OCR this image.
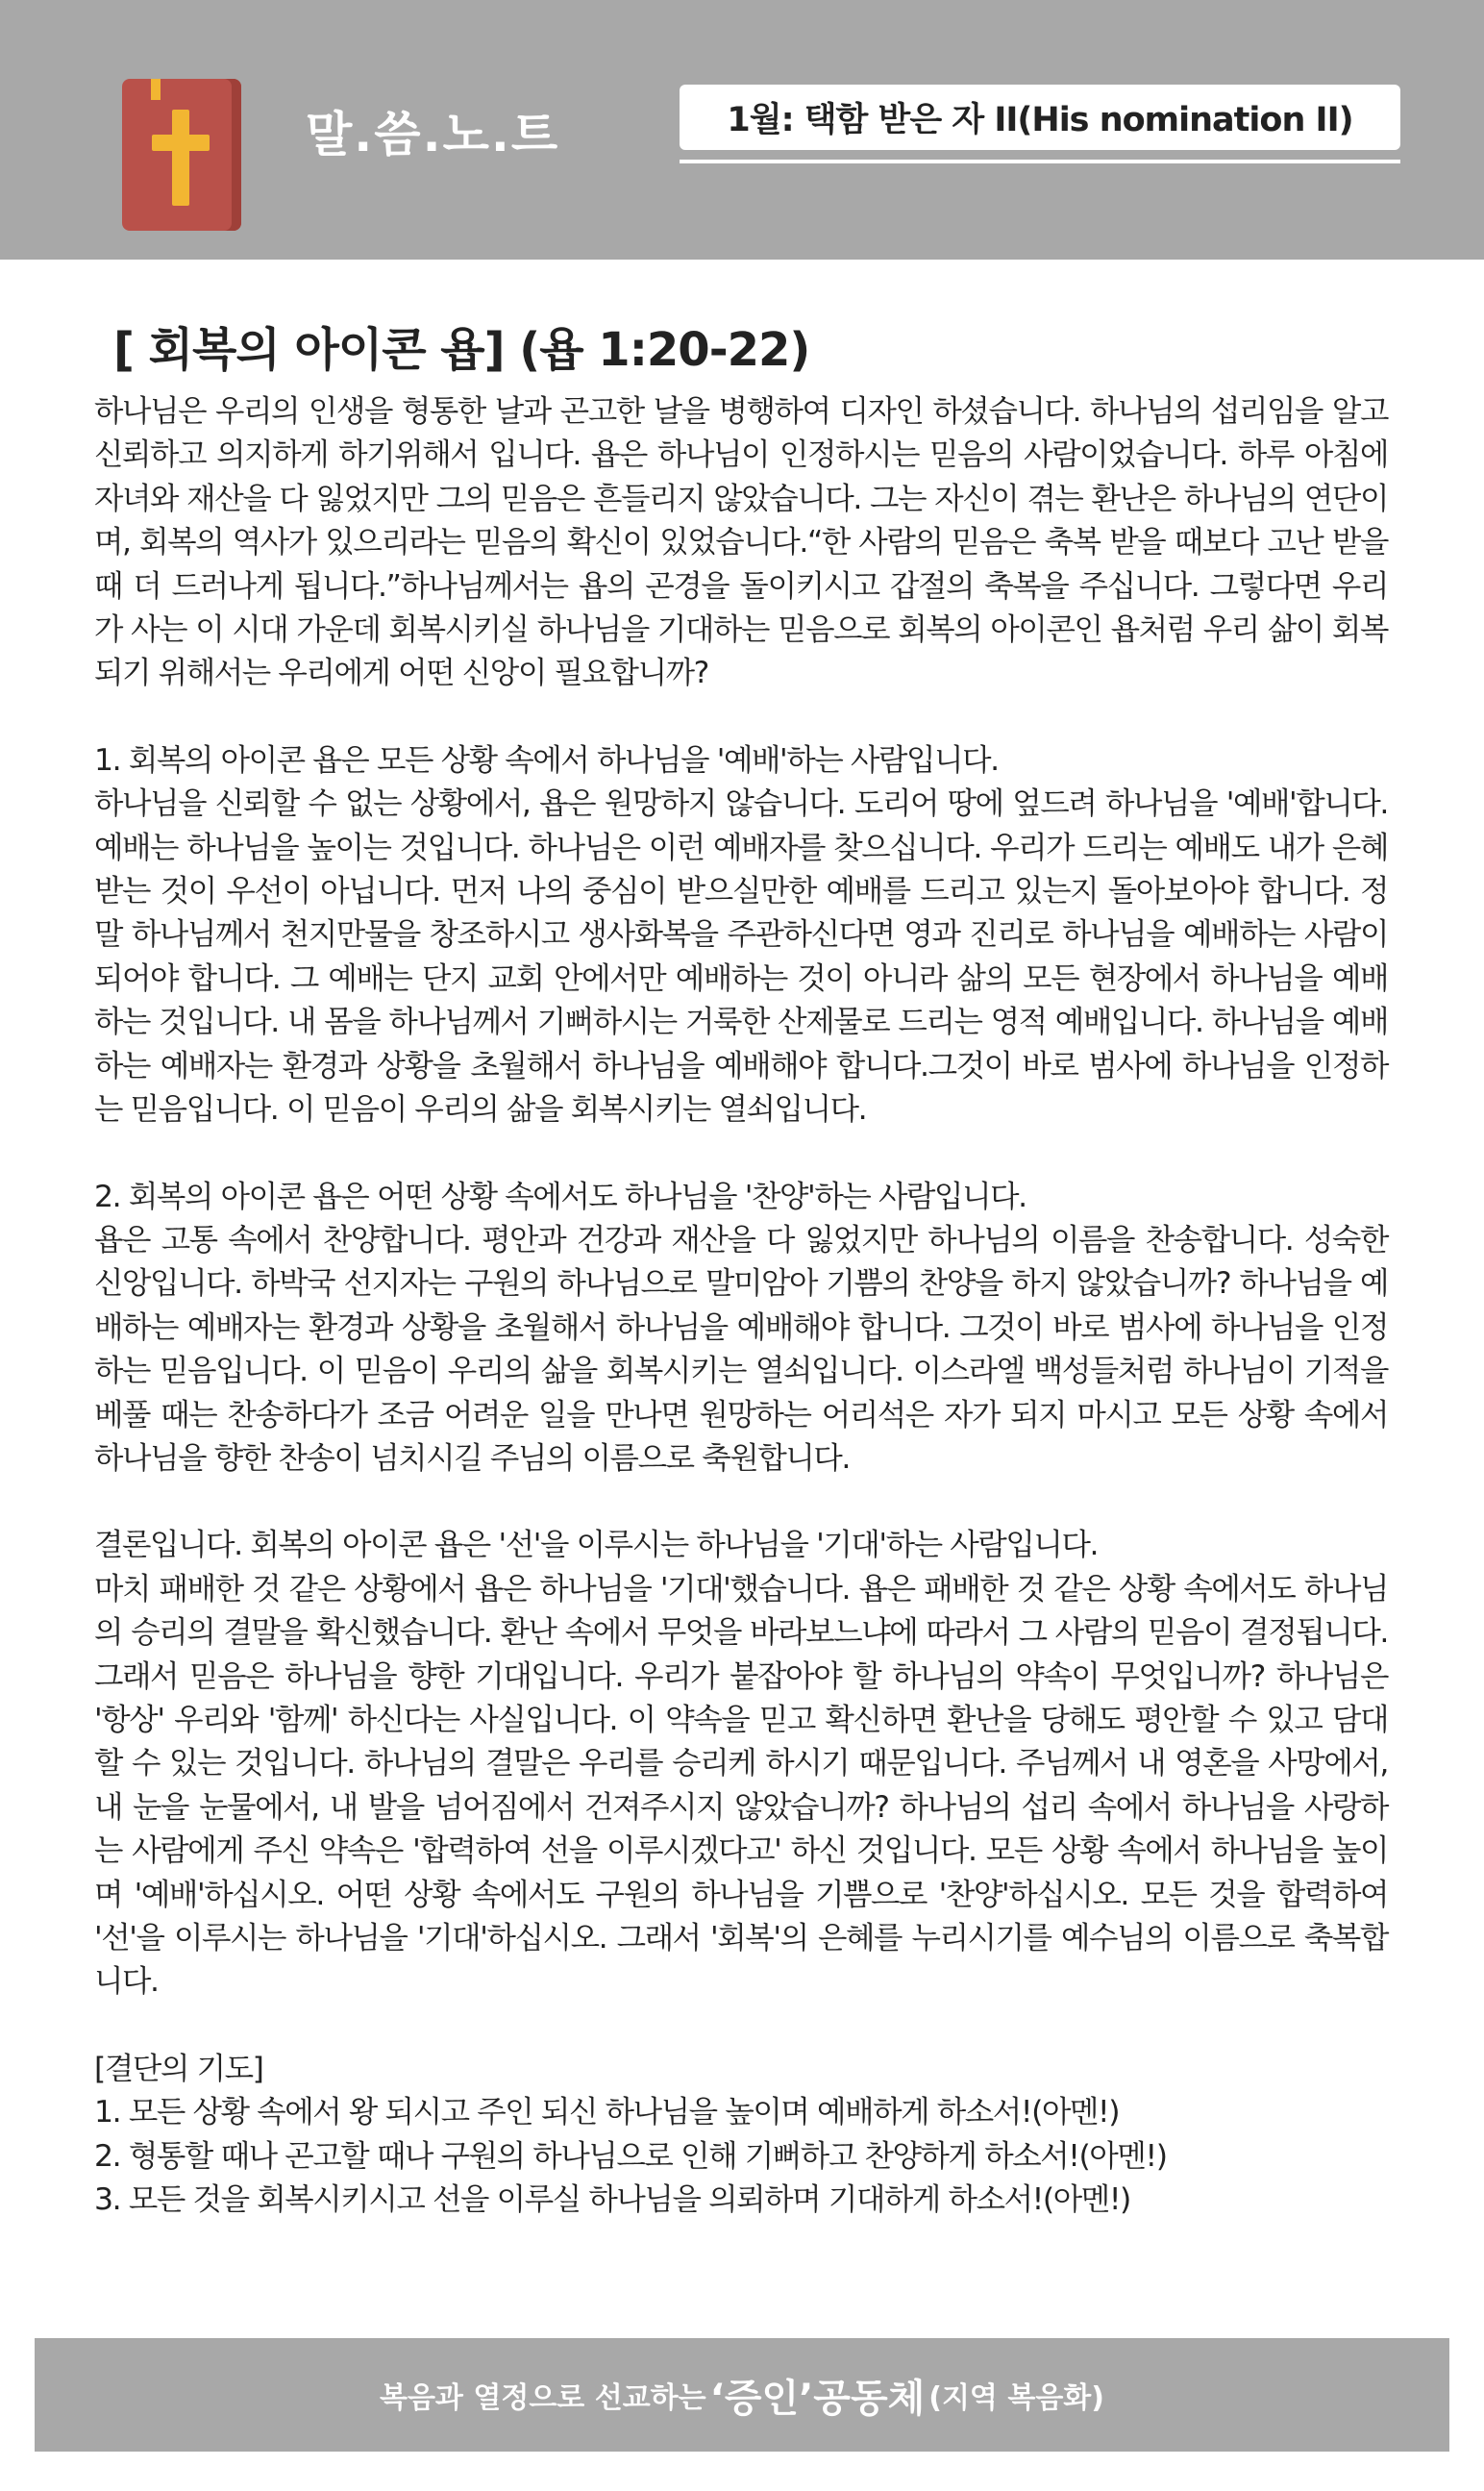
말.씀.노.트	1월: 택함 받은 자 II(His nomination II)
[ 회복의 아이콘 욥] (욥 1:20-22)

하나님은 우리의 인생을 형통한 날과 곤고한 날을 병행하여 디자인 하셨습니다. 하나님의 섭리임을 알고 신뢰하고 의지하게 하기위해서 입니다. 욥은 하나님이 인정하시는 믿음의 사람이었습니다. 하루 아침에 자녀와 재산을 다 잃었지만 그의 믿음은 흔들리지 않았습니다. 그는 자신이 겪는 환난은 하나님의 연단이며, 회복의 역사가 있으리라는 믿음의 확신이 있었습니다.“한 사람의 믿음은 축복 받을 때보다 고난 받을 때 더 드러나게 됩니다.”하나님께서는 욥의 곤경을 돌이키시고 갑절의 축복을 주십니다. 그렇다면 우리가 사는 이 시대 가운데 회복시키실 하나님을 기대하는 믿음으로 회복의 아이콘인 욥처럼 우리 삶이 회복되기 위해서는 우리에게 어떤 신앙이 필요합니까?

1. 회복의 아이콘 욥은 모든 상황 속에서 하나님을 '예배'하는 사람입니다.

하나님을 신뢰할 수 없는 상황에서, 욥은 원망하지 않습니다. 도리어 땅에 엎드려 하나님을 '예배'합니다. 예배는 하나님을 높이는 것입니다. 하나님은 이런 예배자를 찾으십니다. 우리가 드리는 예배도 내가 은혜받는 것이 우선이 아닙니다. 먼저 나의 중심이 받으실만한 예배를 드리고 있는지 돌아보아야 합니다. 정말 하나님께서 천지만물을 창조하시고 생사화복을 주관하신다면 영과 진리로 하나님을 예배하는 사람이 되어야 합니다. 그 예배는 단지 교회 안에서만 예배하는 것이 아니라 삶의 모든 현장에서 하나님을 예배하는 것입니다. 내 몸을 하나님께서 기뻐하시는 거룩한 산제물로 드리는 영적 예배입니다. 하나님을 예배하는 예배자는 환경과 상황을 초월해서 하나님을 예배해야 합니다.그것이 바로 범사에 하나님을 인정하는 믿음입니다. 이 믿음이 우리의 삶을 회복시키는 열쇠입니다.

2. 회복의 아이콘 욥은 어떤 상황 속에서도 하나님을 '찬양'하는 사람입니다.

욥은 고통 속에서 찬양합니다. 평안과 건강과 재산을 다 잃었지만 하나님의 이름을 찬송합니다. 성숙한 신앙입니다. 하박국 선지자는 구원의 하나님으로 말미암아 기쁨의 찬양을 하지 않았습니까? 하나님을 예배하는 예배자는 환경과 상황을 초월해서 하나님을 예배해야 합니다. 그것이 바로 범사에 하나님을 인정하는 믿음입니다. 이 믿음이 우리의 삶을 회복시키는 열쇠입니다. 이스라엘 백성들처럼 하나님이 기적을 베풀 때는 찬송하다가 조금 어려운 일을 만나면 원망하는 어리석은 자가 되지 마시고 모든 상황 속에서 하나님을 향한 찬송이 넘치시길 주님의 이름으로 축원합니다.

결론입니다. 회복의 아이콘 욥은 '선'을 이루시는 하나님을 '기대'하는 사람입니다.

마치 패배한 것 같은 상황에서 욥은 하나님을 '기대'했습니다. 욥은 패배한 것 같은 상황 속에서도 하나님의 승리의 결말을 확신했습니다. 환난 속에서 무엇을 바라보느냐에 따라서 그 사람의 믿음이 결정됩니다. 그래서 믿음은 하나님을 향한 기대입니다. 우리가 붙잡아야 할 하나님의 약속이 무엇입니까? 하나님은 '항상' 우리와 '함께' 하신다는 사실입니다. 이 약속을 믿고 확신하면 환난을 당해도 평안할 수 있고 담대할 수 있는 것입니다. 하나님의 결말은 우리를 승리케 하시기 때문입니다. 주님께서 내 영혼을 사망에서, 내 눈을 눈물에서, 내 발을 넘어짐에서 건져주시지 않았습니까? 하나님의 섭리 속에서 하나님을 사랑하는 사람에게 주신 약속은 '합력하여 선을 이루시겠다고' 하신 것입니다. 모든 상황 속에서 하나님을 높이며 '예배'하십시오. 어떤 상황 속에서도 구원의 하나님을 기쁨으로 '찬양'하십시오. 모든 것을 합력하여 '선'을 이루시는 하나님을 '기대'하십시오. 그래서 '회복'의 은혜를 누리시기를 예수님의 이름으로 축복합니다.

[결단의 기도]

1. 모든 상황 속에서 왕 되시고 주인 되신 하나님을 높이며 예배하게 하소서!(아멘!)

2. 형통할 때나 곤고할 때나 구원의 하나님으로 인해 기뻐하고 찬양하게 하소서!(아멘!)

3. 모든 것을 회복시키시고 선을 이루실 하나님을 의뢰하며 기대하게 하소서!(아멘!)

복음과 열정으로 선교하는 ‘증인’공동체 (지역 복음화)
